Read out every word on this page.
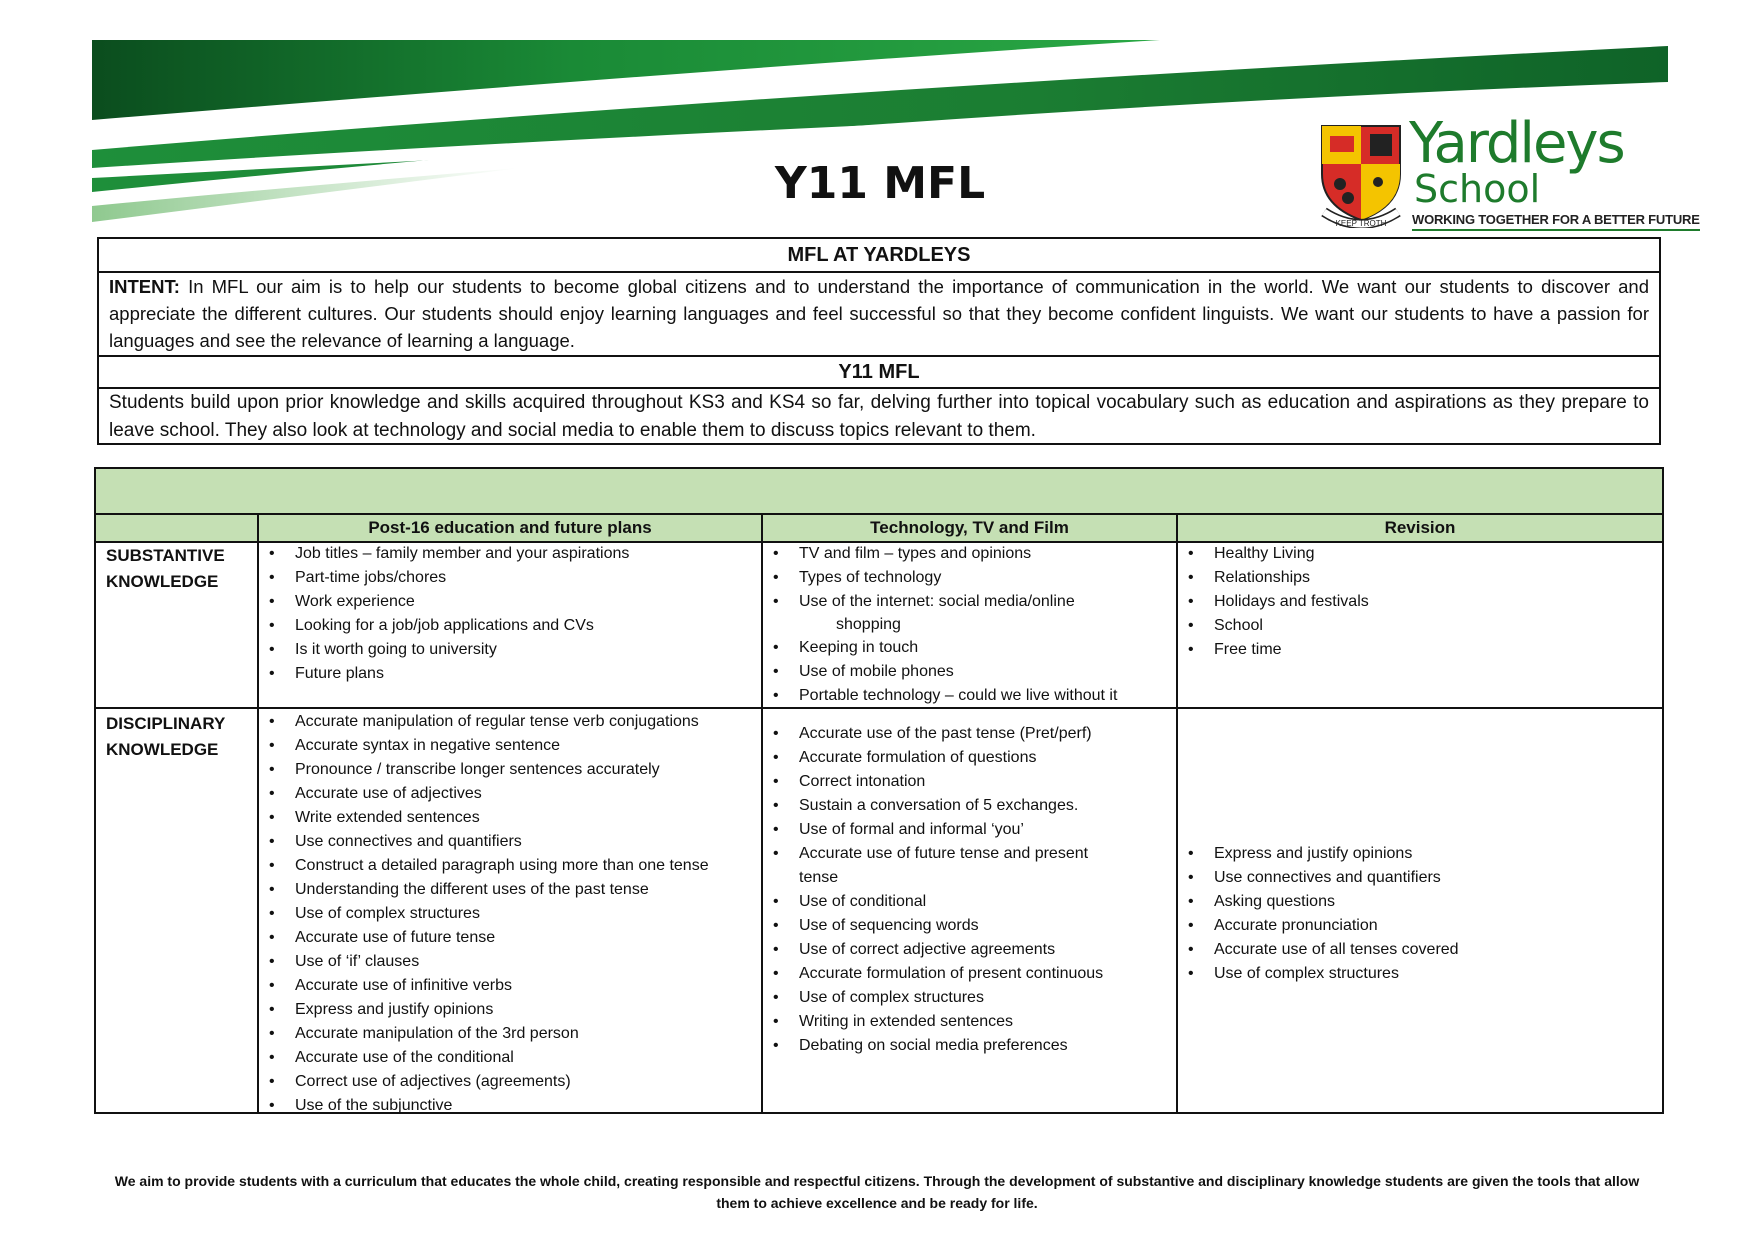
Y11 MFL
KEEP TROTH
Yardleys
School
WORKING TOGETHER FOR A BETTER FUTURE
MFL AT YARDLEYS
INTENT: In MFL our aim is to help our students to become global citizens and to understand the importance of communication in the world. We want our students to discover and appreciate the different cultures. Our students should enjoy learning languages and feel successful so that they become confident linguists. We want our students to have a passion for languages and see the relevance of learning a language.
Y11 MFL
Students build upon prior knowledge and skills acquired throughout KS3 and KS4 so far, delving further into topical vocabulary such as education and aspirations as they prepare to leave school. They also look at technology and social media to enable them to discuss topics relevant to them.
Post-16 education and future plans	Technology, TV and Film	Revision
SUBSTANTIVE
KNOWLEDGE
• Job titles – family member and your aspirations
• Part-time jobs/chores
• Work experience
• Looking for a job/job applications and CVs
• Is it worth going to university
• Future plans
• TV and film – types and opinions
• Types of technology
• Use of the internet: social media/online
shopping
• Keeping in touch
• Use of mobile phones
• Portable technology – could we live without it
• Healthy Living
• Relationships
• Holidays and festivals
• School
• Free time
DISCIPLINARY
KNOWLEDGE
• Accurate manipulation of regular tense verb conjugations
• Accurate syntax in negative sentence
• Pronounce / transcribe longer sentences accurately
• Accurate use of adjectives
• Write extended sentences
• Use connectives and quantifiers
• Construct a detailed paragraph using more than one tense
• Understanding the different uses of the past tense
• Use of complex structures
• Accurate use of future tense
• Use of ‘if’ clauses
• Accurate use of infinitive verbs
• Express and justify opinions
• Accurate manipulation of the 3rd person
• Accurate use of the conditional
• Correct use of adjectives (agreements)
• Use of the subjunctive
• Accurate use of the past tense (Pret/perf)
• Accurate formulation of questions
• Correct intonation
• Sustain a conversation of 5 exchanges.
• Use of formal and informal ‘you’
• Accurate use of future tense and present
tense
• Use of conditional
• Use of sequencing words
• Use of correct adjective agreements
• Accurate formulation of present continuous
• Use of complex structures
• Writing in extended sentences
• Debating on social media preferences
• Express and justify opinions
• Use connectives and quantifiers
• Asking questions
• Accurate pronunciation
• Accurate use of all tenses covered
• Use of complex structures
We aim to provide students with a curriculum that educates the whole child, creating responsible and respectful citizens. Through the development of substantive and disciplinary knowledge students are given the tools that allow them to achieve excellence and be ready for life.
